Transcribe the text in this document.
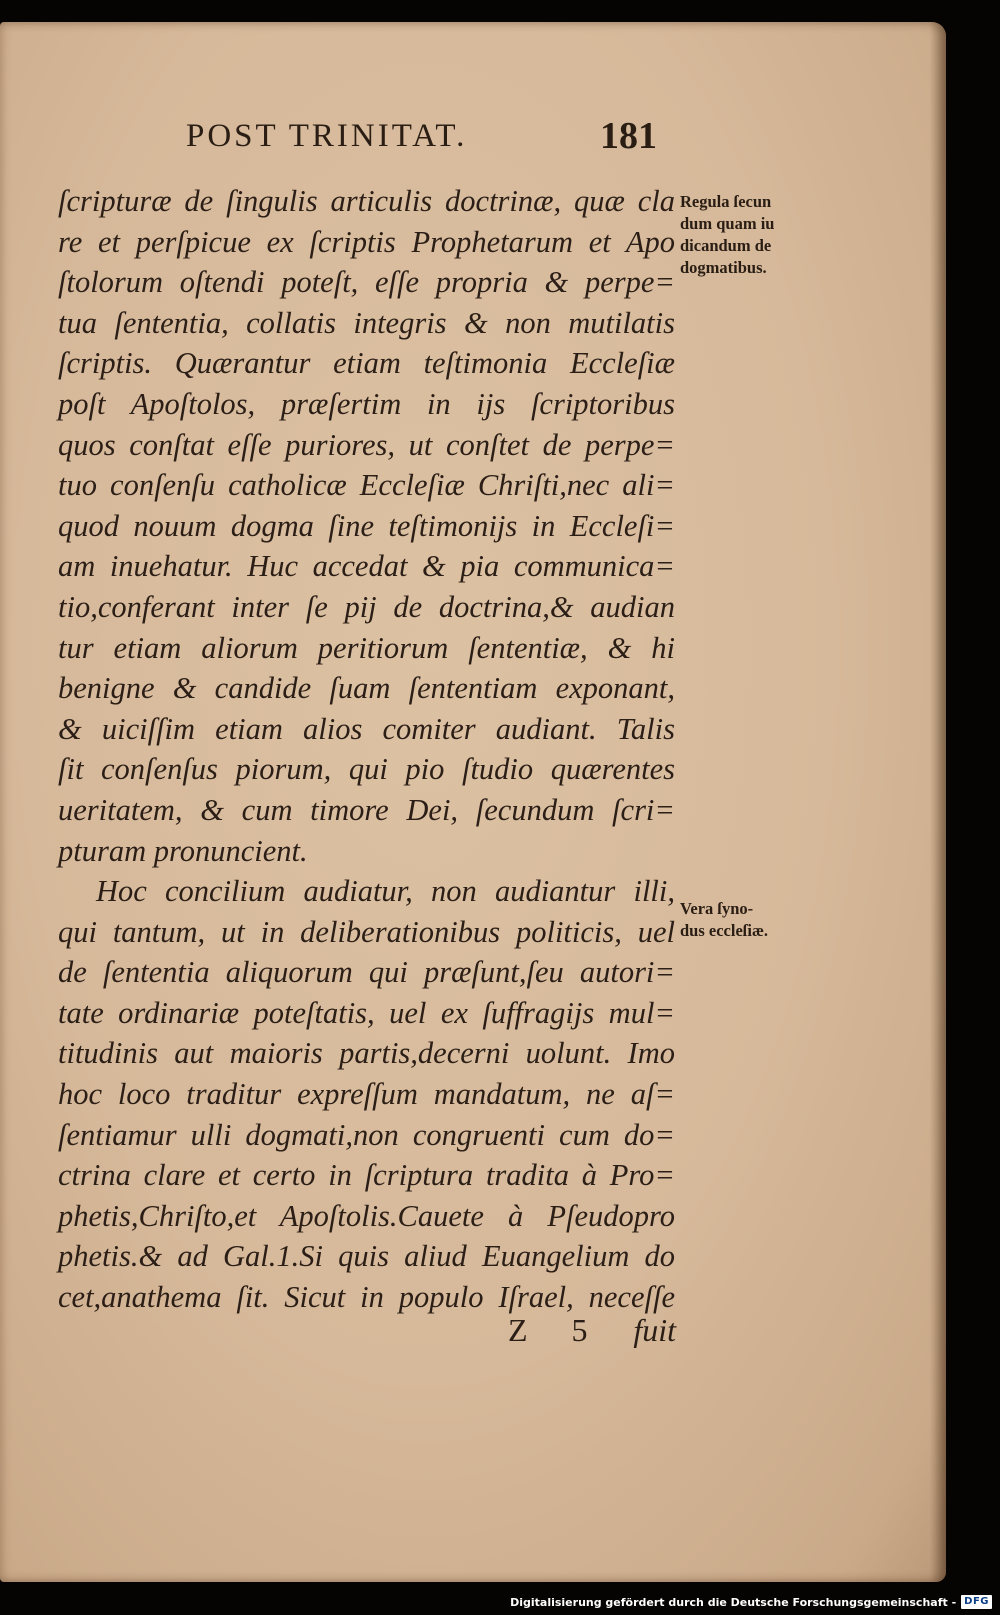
POST TRINITAT.	181
ſcripturæ de ſingulis articulis doctrinæ, quæ cla
re et perſpicue ex ſcriptis Prophetarum et Apo
ſtolorum oſtendi poteſt, eſſe propria & perpe=
tua ſententia, collatis integris & non mutilatis
ſcriptis. Quærantur etiam teſtimonia Eccleſiæ
poſt Apoſtolos, præſertim in ijs ſcriptoribus
quos conſtat eſſe puriores, ut conſtet de perpe=
tuo conſenſu catholicæ Eccleſiæ Chriſti,nec ali=
quod nouum dogma ſine teſtimonijs in Eccleſi=
am inuehatur. Huc accedat & pia communica=
tio,conferant inter ſe pij de doctrina,& audian
tur etiam aliorum peritiorum ſententiæ, & hi
benigne & candide ſuam ſententiam exponant,
& uiciſſim etiam alios comiter audiant. Talis
ſit conſenſus piorum, qui pio ſtudio quærentes
ueritatem, & cum timore Dei, ſecundum ſcri=
pturam pronuncient.
Hoc concilium audiatur, non audiantur illi,
qui tantum, ut in deliberationibus politicis, uel
de ſententia aliquorum qui præſunt,ſeu autori=
tate ordinariæ poteſtatis, uel ex ſuffragijs mul=
titudinis aut maioris partis,decerni uolunt. Imo
hoc loco traditur expreſſum mandatum, ne aſ=
ſentiamur ulli dogmati,non congruenti cum do=
ctrina clare et certo in ſcriptura tradita à Pro=
phetis,Chriſto,et Apoſtolis.Cauete à Pſeudopro
phetis.& ad Gal.1.Si quis aliud Euangelium do
cet,anathema ſit. Sicut in populo Iſrael, neceſſe
Z 5 fuit
Regula ſecun
dum quam iu
dicandum de
dogmatibus.
Vera ſyno-
dus eccleſiæ.
Digitalisierung gefördert durch die Deutsche Forschungsgemeinschaft - DFG
